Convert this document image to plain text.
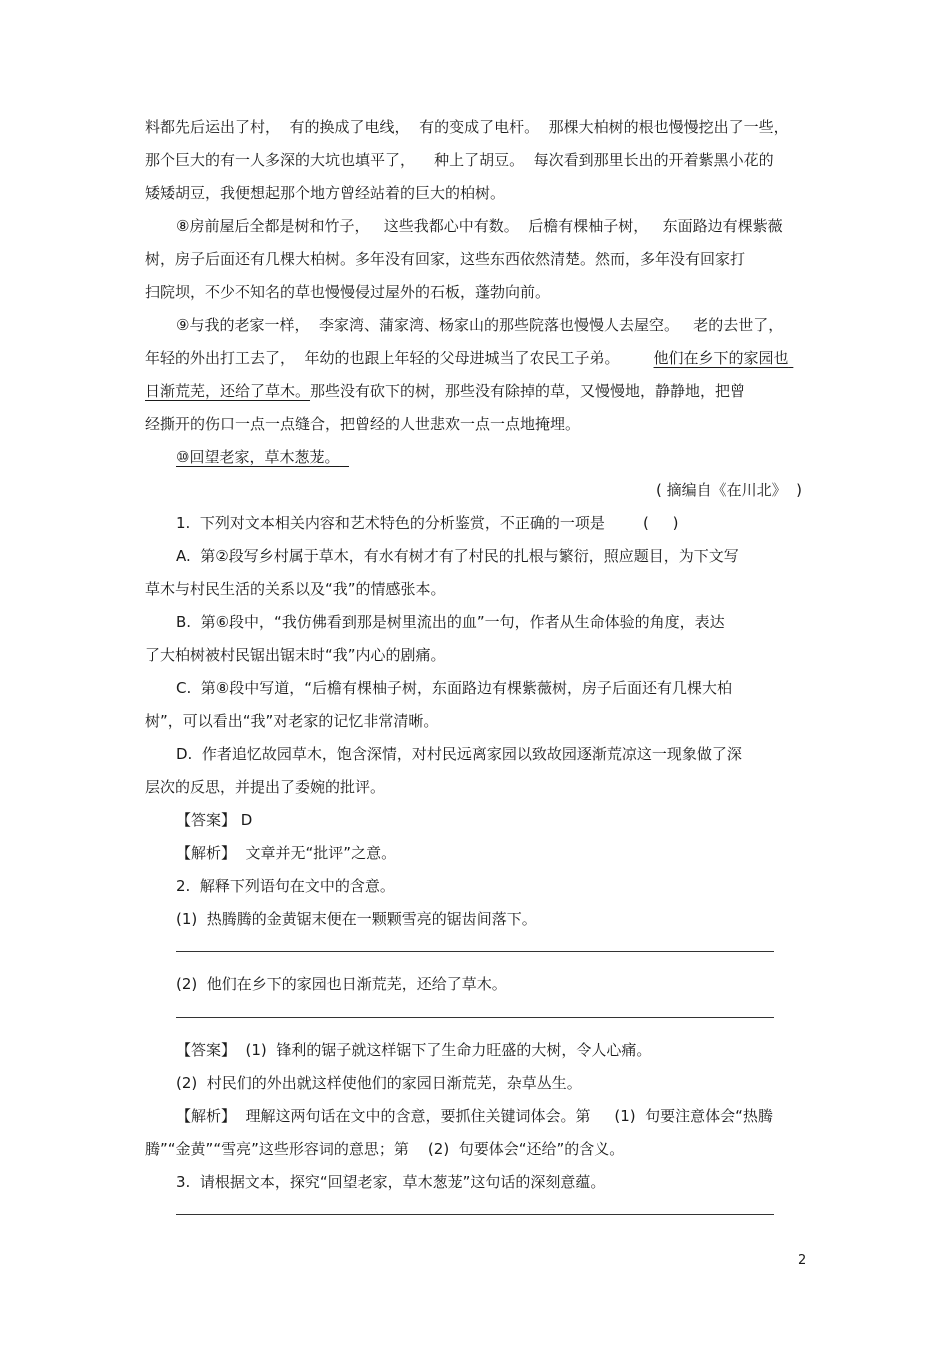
料都先后运出了村，  有的换成了电线，  有的变成了电杆。  那棵大柏树的根也慢慢挖出了一些，
那个巨大的有一人多深的大坑也填平了，    种上了胡豆。  每次看到那里长出的开着紫黑小花的
矮矮胡豆，我便想起那个地方曾经站着的巨大的柏树。
⑧房前屋后全都是树和竹子，   这些我都心中有数。  后檐有棵柚子树，   东面路边有棵紫薇
树，房子后面还有几棵大柏树。多年没有回家，这些东西依然清楚。然而，多年没有回家打
扫院坝，不少不知名的草也慢慢侵过屋外的石板，蓬勃向前。
⑨与我的老家一样，  李家湾、蒲家湾、杨家山的那些院落也慢慢人去屋空。   老的去世了，
年轻的外出打工去了，  年幼的也跟上年轻的父母进城当了农民工子弟。 他们在乡下的家园也
日渐荒芜，还给了草木。那些没有砍下的树，那些没有除掉的草，又慢慢地，静静地，把曾
经撕开的伤口一点一点缝合，把曾经的人世悲欢一点一点地掩埋。
⑩回望老家，草木葱茏。
( 摘编自《在川北》  )
1.  下列对文本相关内容和艺术特色的分析鉴赏，不正确的一项是        (     )
A.  第②段写乡村属于草木，有水有树才有了村民的扎根与繁衍，照应题目，为下文写
草木与村民生活的关系以及“我”的情感张本。
B.  第⑥段中，“我仿佛看到那是树里流出的血”一句，作者从生命体验的角度，表达
了大柏树被村民锯出锯末时“我”内心的剧痛。
C.  第⑧段中写道，“后檐有棵柚子树，东面路边有棵紫薇树，房子后面还有几棵大柏
树”，可以看出“我”对老家的记忆非常清晰。
D.  作者追忆故园草木，饱含深情，对村民远离家园以致故园逐渐荒凉这一现象做了深
层次的反思，并提出了委婉的批评。
【答案】 D
【解析】  文章并无“批评”之意。
2.  解释下列语句在文中的含意。
(1)  热腾腾的金黄锯末便在一颗颗雪亮的锯齿间落下。
(2)  他们在乡下的家园也日渐荒芜，还给了草木。
【答案】  (1)  锋利的锯子就这样锯下了生命力旺盛的大树，令人心痛。
(2)  村民们的外出就这样使他们的家园日渐荒芜，杂草丛生。
【解析】  理解这两句话在文中的含意，要抓住关键词体会。第     (1)  句要注意体会“热腾
腾”“金黄”“雪亮”这些形容词的意思；第    (2)  句要体会“还给”的含义。
3.  请根据文本，探究“回望老家，草木葱茏”这句话的深刻意蕴。
2
